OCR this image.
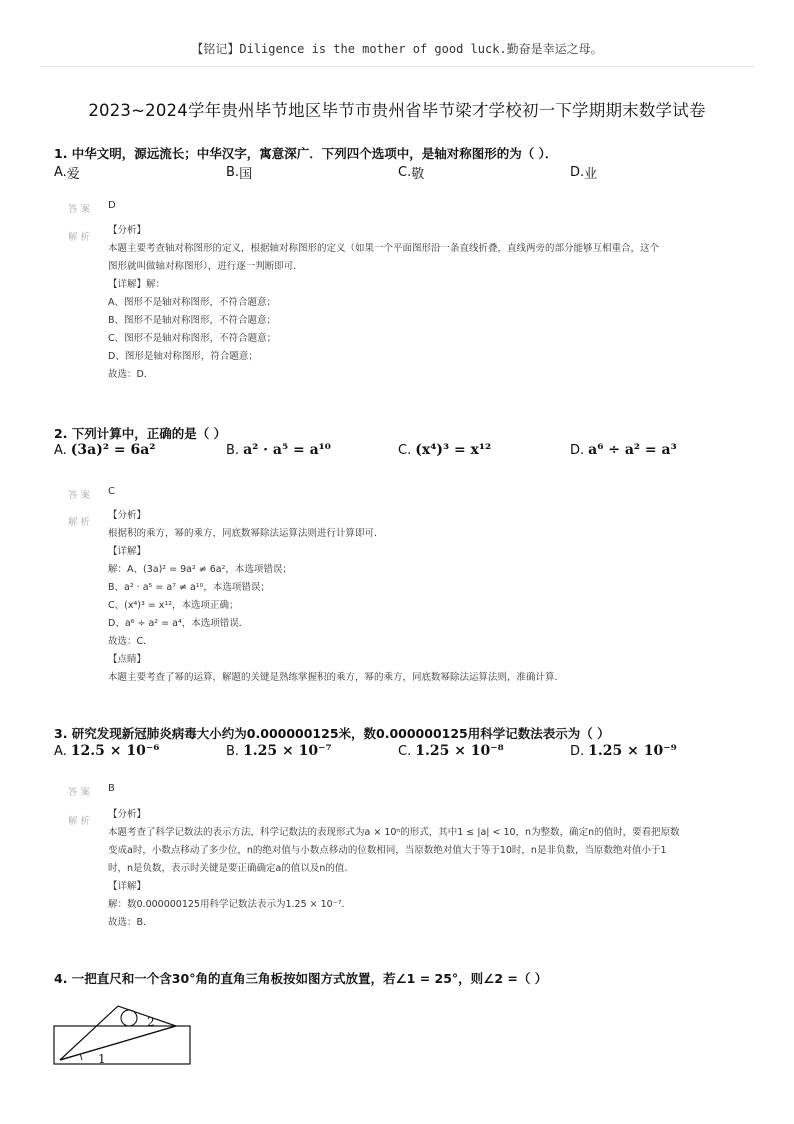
【铭记】Diligence is the mother of good luck.勤奋是幸运之母。
2023~2024学年贵州毕节地区毕节市贵州省毕节梁才学校初一下学期期末数学试卷
1. 中华文明，源远流长；中华汉字，寓意深广．下列四个选项中，是轴对称图形的为（ ）．
A. 爱	B. 国	C. 敬	D. 业
答案 D
解析
【分析】
本题主要考查轴对称图形的定义，根据轴对称图形的定义（如果一个平面图形沿一条直线折叠，直线两旁的部分能够互相重合，这个
图形就叫做轴对称图形），进行逐一判断即可．
【详解】解：
A、图形不是轴对称图形，不符合题意；
B、图形不是轴对称图形，不符合题意；
C、图形不是轴对称图形，不符合题意；
D、图形是轴对称图形，符合题意；
故选：D．
2. 下列计算中，正确的是（ ）
A. (3a)² = 6a²	B. a² · a⁵ = a¹⁰	C. (x⁴)³ = x¹²	D. a⁶ ÷ a² = a³
答案 C
解析
【分析】
根据积的乘方，幂的乘方，同底数幂除法运算法则进行计算即可．
【详解】
解：A、(3a)² = 9a² ≠ 6a²，本选项错误；
B、a² · a⁵ = a⁷ ≠ a¹⁰，本选项错误；
C、(x⁴)³ = x¹²，本选项正确；
D、a⁶ ÷ a² = a⁴，本选项错误．
故选：C．
【点睛】
本题主要考查了幂的运算，解题的关键是熟练掌握积的乘方，幂的乘方，同底数幂除法运算法则，准确计算．
3. 研究发现新冠肺炎病毒大小约为0.000000125米，数0.000000125用科学记数法表示为（ ）
A. 12.5 × 10⁻⁶	B. 1.25 × 10⁻⁷	C. 1.25 × 10⁻⁸	D. 1.25 × 10⁻⁹
答案 B
解析
【分析】
本题考查了科学记数法的表示方法，科学记数法的表现形式为a × 10ⁿ的形式，其中1 ≤ |a| < 10，n为整数，确定n的值时，要看把原数
变成a时，小数点移动了多少位，n的绝对值与小数点移动的位数相同，当原数绝对值大于等于10时，n是非负数，当原数绝对值小于1
时，n是负数，表示时关键是要正确确定a的值以及n的值．
【详解】
解：数0.000000125用科学记数法表示为1.25 × 10⁻⁷．
故选：B．
4. 一把直尺和一个含30°角的直角三角板按如图方式放置，若∠1 = 25°，则∠2 =（ ）
1
2
